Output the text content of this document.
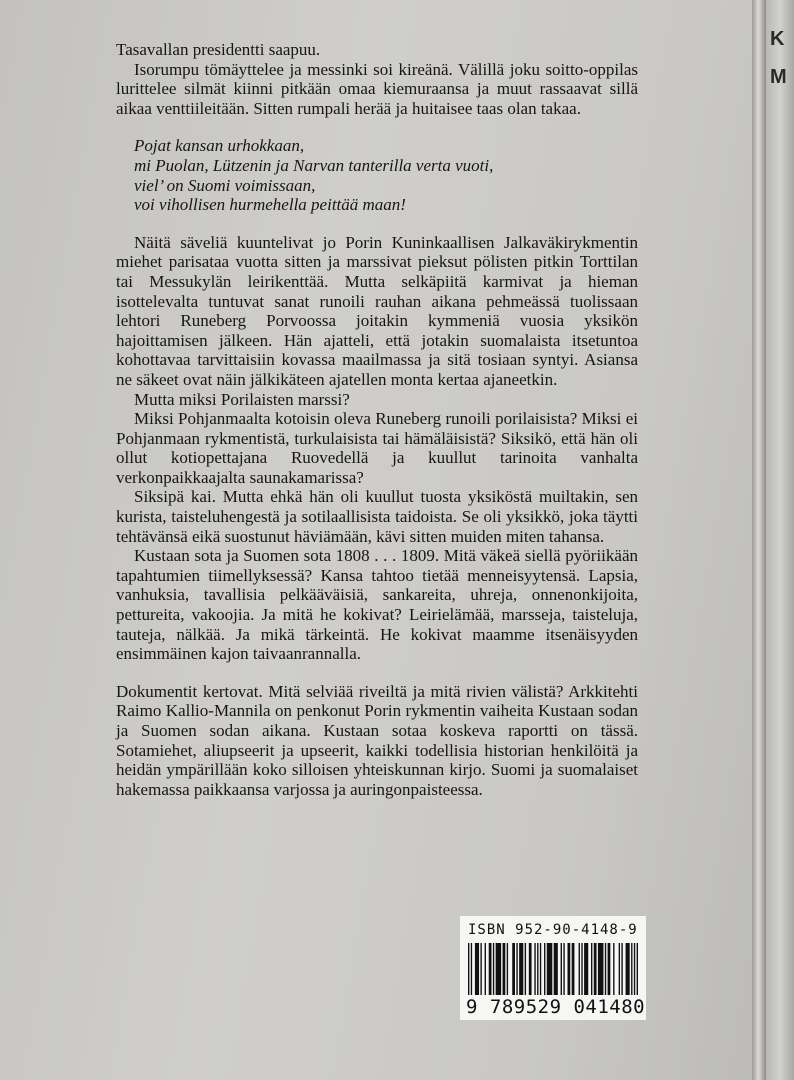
K
M

Tasavallan presidentti saapuu.

Isorumpu tömäyttelee ja messinki soi kireänä. Välillä joku soitto-oppilas lurittelee silmät kiinni pitkään omaa kiemuraansa ja muut rassaavat sillä aikaa venttiileitään. Sitten rumpali herää ja huitaisee taas olan takaa.

Pojat kansan urhokkaan,
mi Puolan, Lützenin ja Narvan tanterilla verta vuoti,
viel’ on Suomi voimissaan,
voi vihollisen hurmehella peittää maan!

Näitä säveliä kuuntelivat jo Porin Kuninkaallisen Jalkaväkirykmentin miehet parisataa vuotta sitten ja marssivat pieksut pölisten pitkin Torttilan tai Messukylän leirikenttää. Mutta selkäpiitä karmivat ja hieman isottelevalta tuntuvat sanat runoili rauhan aikana pehmeässä tuolissaan lehtori Runeberg Porvoossa joitakin kymmeniä vuosia yksikön hajoittamisen jälkeen. Hän ajatteli, että jotakin suomalaista itsetuntoa kohottavaa tarvittaisiin kovassa maailmassa ja sitä tosiaan syntyi. Asiansa ne säkeet ovat näin jälkikäteen ajatellen monta kertaa ajaneetkin.

Mutta miksi Porilaisten marssi?

Miksi Pohjanmaalta kotoisin oleva Runeberg runoili porilaisista? Miksi ei Pohjanmaan rykmentistä, turkulaisista tai hämäläisistä? Siksikö, että hän oli ollut kotiopettajana Ruovedellä ja kuullut tarinoita vanhalta verkonpaikkaajalta saunakamarissa?

Siksipä kai. Mutta ehkä hän oli kuullut tuosta yksiköstä muiltakin, sen kurista, taisteluhengestä ja sotilaallisista taidoista. Se oli yksikkö, joka täytti tehtävänsä eikä suostunut häviämään, kävi sitten muiden miten tahansa.

Kustaan sota ja Suomen sota 1808 . . . 1809. Mitä väkeä siellä pyöriikään tapahtumien tiimellyksessä? Kansa tahtoo tietää menneisyytensä. Lapsia, vanhuksia, tavallisia pelkääväisiä, sankareita, uhreja, onnenonkijoita, pettureita, vakoojia. Ja mitä he kokivat? Leirielämää, marsseja, taisteluja, tauteja, nälkää. Ja mikä tärkeintä. He kokivat maamme itsenäisyyden ensimmäinen kajon taivaanrannalla.

Dokumentit kertovat. Mitä selviää riveiltä ja mitä rivien välistä? Arkkitehti Raimo Kallio-Mannila on penkonut Porin rykmentin vaiheita Kustaan sodan ja Suomen sodan aikana. Kustaan sotaa koskeva raportti on tässä. Sotamiehet, aliupseerit ja upseerit, kaikki todellisia historian henkilöitä ja heidän ympärillään koko silloisen yhteiskunnan kirjo. Suomi ja suomalaiset hakemassa paikkaansa varjossa ja auringonpaisteessa.

ISBN 952-90-4148-9
9 789529 041480
